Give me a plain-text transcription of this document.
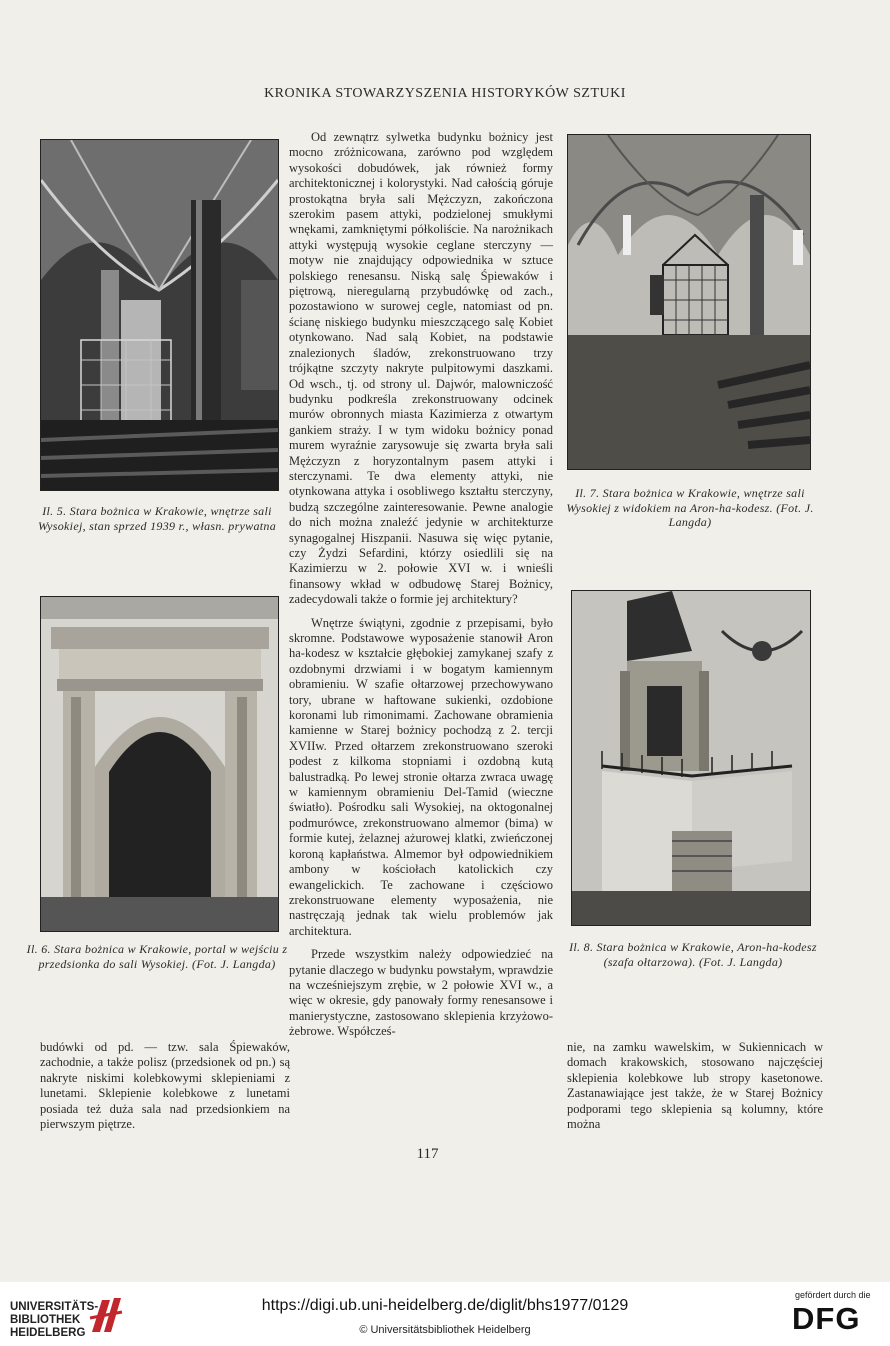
KRONIKA STOWARZYSZENIA HISTORYKÓW SZTUKI
Il. 5. Stara bożnica w Krakowie, wnętrze sali Wysokiej, stan sprzed 1939 r., własn. prywatna
Il. 6. Stara bożnica w Krakowie, portal w wejściu z przedsionka do sali Wysokiej. (Fot. J. Langda)
Il. 7. Stara bożnica w Krakowie, wnętrze sali Wysokiej z widokiem na Aron-ha-kodesz. (Fot. J. Langda)
Il. 8. Stara bożnica w Krakowie, Aron-ha-kodesz (szafa ołtarzowa). (Fot. J. Langda)

Od zewnątrz sylwetka budynku bożnicy jest mocno zróżnicowana, zarówno pod względem wysokości dobudówek, jak również formy architektonicznej i kolorystyki. Nad całością góruje prostokątna bryła sali Mężczyzn, zakończona szerokim pasem attyki, podzielonej smukłymi wnękami, zamkniętymi półkoliście. Na narożnikach attyki występują wysokie ceglane sterczyny — motyw nie znajdujący odpowiednika w sztuce polskiego renesansu. Niską salę Śpiewaków i piętrową, nieregularną przybudówkę od zach., pozostawiono w surowej cegle, natomiast od pn. ścianę niskiego budynku mieszczącego salę Kobiet otynkowano. Nad salą Kobiet, na podstawie znalezionych śladów, zrekonstruowano trzy trójkątne szczyty nakryte pulpitowymi daszkami. Od wsch., tj. od strony ul. Dajwór, malowniczość budynku podkreśla zrekonstruowany odcinek murów obronnych miasta Kazimierza z otwartym gankiem straży. I w tym widoku bożnicy ponad murem wyraźnie zarysowuje się zwarta bryła sali Mężczyzn z horyzontalnym pasem attyki i sterczynami. Te dwa elementy attyki, nie otynkowana attyka i osobliwego kształtu sterczyny, budzą szczególne zainteresowanie. Pewne analogie do nich można znaleźć jedynie w architekturze synagogalnej Hiszpanii. Nasuwa się więc pytanie, czy Żydzi Sefardini, którzy osiedlili się na Kazimierzu w 2. połowie XVI w. i wnieśli finansowy wkład w odbudowę Starej Bożnicy, zadecydowali także o formie jej architektury?

Wnętrze świątyni, zgodnie z przepisami, było skromne. Podstawowe wyposażenie stanowił Aron ha-kodesz w kształcie głębokiej zamykanej szafy z ozdobnymi drzwiami i w bogatym kamiennym obramieniu. W szafie ołtarzowej przechowywano tory, ubrane w haftowane sukienki, ozdobione koronami lub rimonimami. Zachowane obramienia kamienne w Starej bożnicy pochodzą z 2. tercji XVIIw. Przed ołtarzem zrekonstruowano szeroki podest z kilkoma stopniami i ozdobną kutą balustradką. Po lewej stronie ołtarza zwraca uwagę w kamiennym obramieniu Del-Tamid (wieczne światło). Pośrodku sali Wysokiej, na oktogonalnej podmurówce, zrekonstruowano almemor (bima) w formie kutej, żelaznej ażurowej klatki, zwieńczonej koroną kapłaństwa. Almemor był odpowiednikiem ambony w kościołach katolickich czy ewangelickich. Te zachowane i częściowo zrekonstruowane elementy wyposażenia, nie nastręczają jednak tak wielu problemów jak architektura.

Przede wszystkim należy odpowiedzieć na pytanie dlaczego w budynku powstałym, wprawdzie na wcześniejszym zrębie, w 2 połowie XVI w., a więc w okresie, gdy panowały formy renesansowe i manierystyczne, zastosowano sklepienia krzyżowo-żebrowe. Współcześ-

budówki od pd. — tzw. sala Śpiewaków, zachodnie, a także polisz (przedsionek od pn.) są nakryte niskimi kolebkowymi sklepieniami z lunetami. Sklepienie kolebkowe z lunetami posiada też duża sala nad przedsionkiem na pierwszym piętrze.

nie, na zamku wawelskim, w Sukiennicach w domach krakowskich, stosowano najczęściej sklepienia kolebkowe lub stropy kasetonowe. Zastanawiające jest także, że w Starej Bożnicy podporami tego sklepienia są kolumny, które można

117
UNIVERSITÄTS-
BIBLIOTHEK
HEIDELBERG
https://digi.ub.uni-heidelberg.de/diglit/bhs1977/0129
© Universitätsbibliothek Heidelberg
gefördert durch die
DFG
